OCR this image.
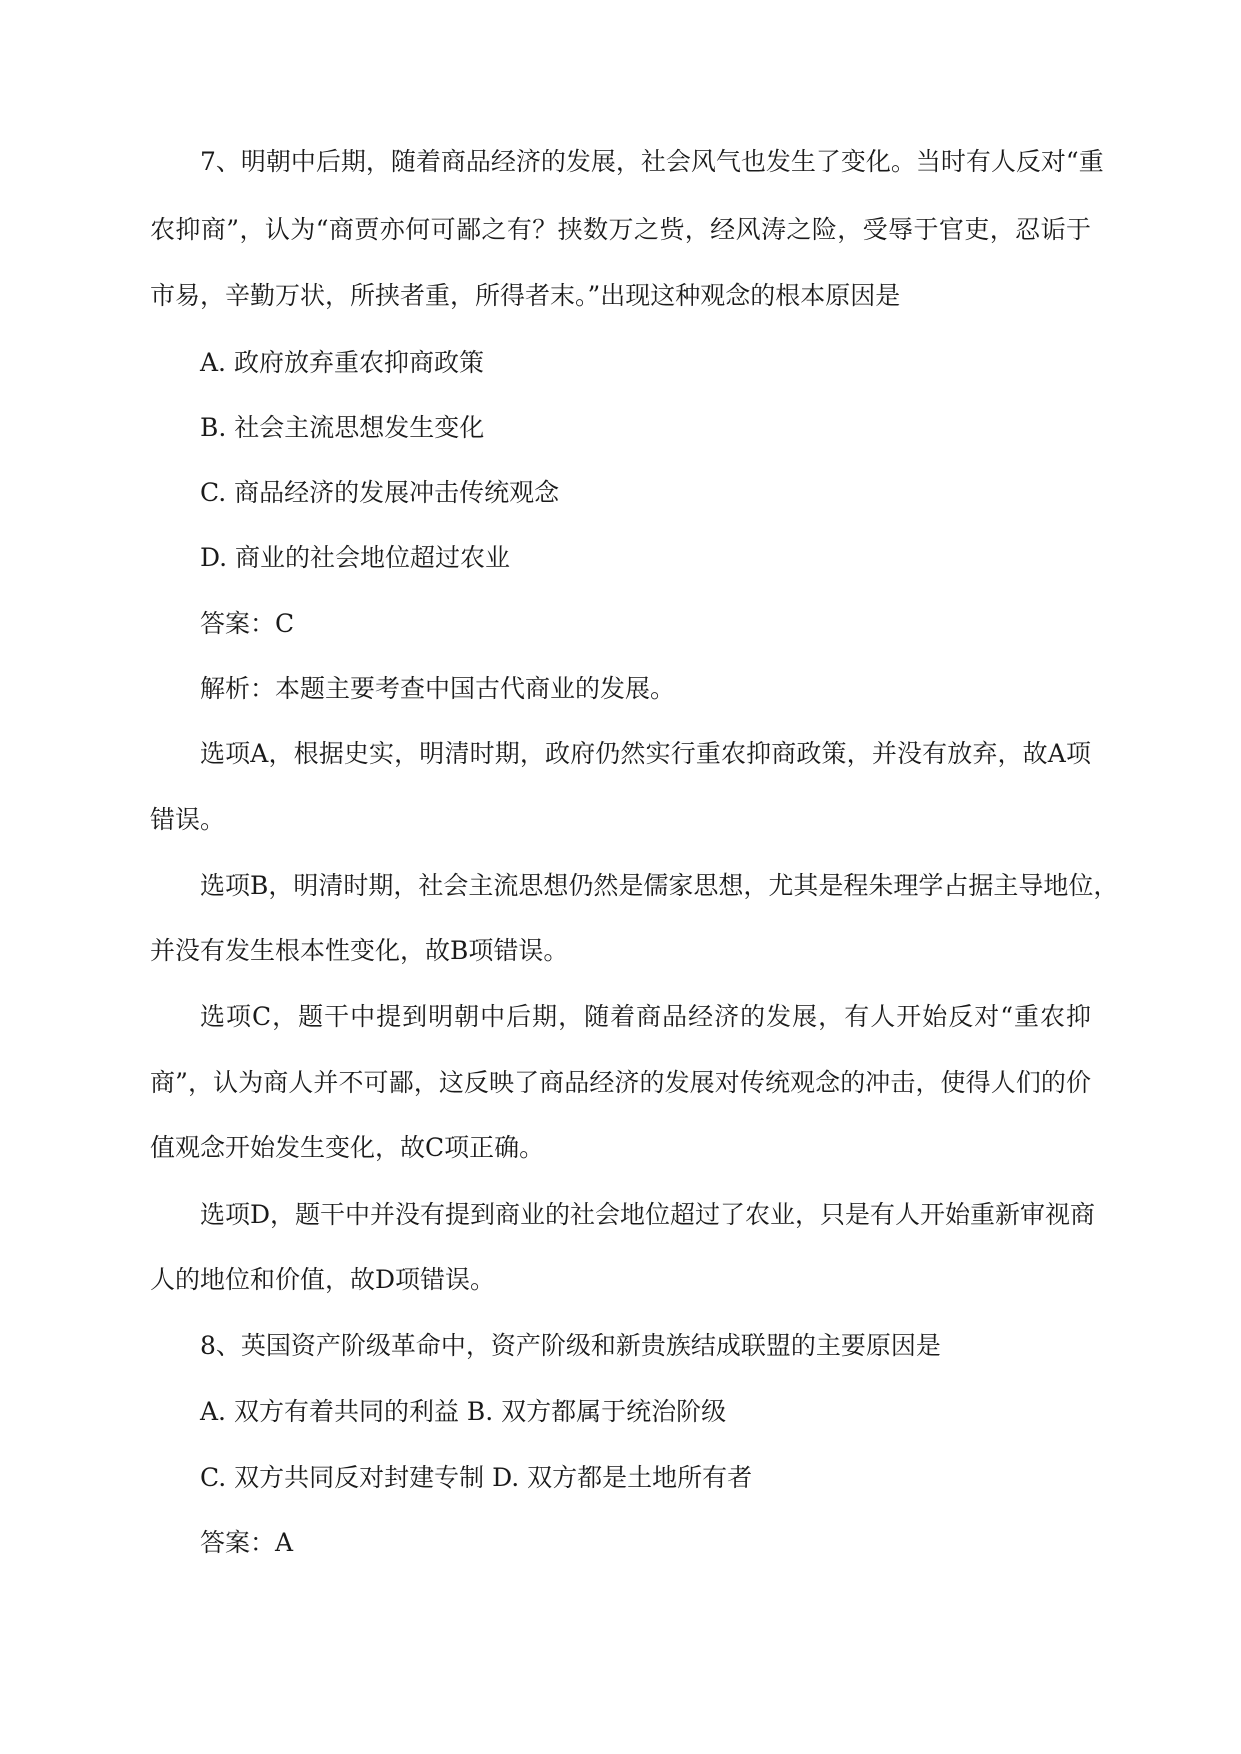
7、明朝中后期，随着商品经济的发展，社会风气也发生了变化。当时有人反对“重
农抑商”，认为“商贾亦何可鄙之有？挟数万之赀，经风涛之险，受辱于官吏，忍诟于
市易，辛勤万状，所挟者重，所得者末。”出现这种观念的根本原因是
A. 政府放弃重农抑商政策
B. 社会主流思想发生变化
C. 商品经济的发展冲击传统观念
D. 商业的社会地位超过农业
答案：C
解析：本题主要考查中国古代商业的发展。
选项A，根据史实，明清时期，政府仍然实行重农抑商政策，并没有放弃，故A项
错误。
选项B，明清时期，社会主流思想仍然是儒家思想，尤其是程朱理学占据主导地位，
并没有发生根本性变化，故B项错误。
选项C，题干中提到明朝中后期，随着商品经济的发展，有人开始反对“重农抑
商”，认为商人并不可鄙，这反映了商品经济的发展对传统观念的冲击，使得人们的价
值观念开始发生变化，故C项正确。
选项D，题干中并没有提到商业的社会地位超过了农业，只是有人开始重新审视商
人的地位和价值，故D项错误。
8、英国资产阶级革命中，资产阶级和新贵族结成联盟的主要原因是
A. 双方有着共同的利益 B. 双方都属于统治阶级
C. 双方共同反对封建专制 D. 双方都是土地所有者
答案：A
